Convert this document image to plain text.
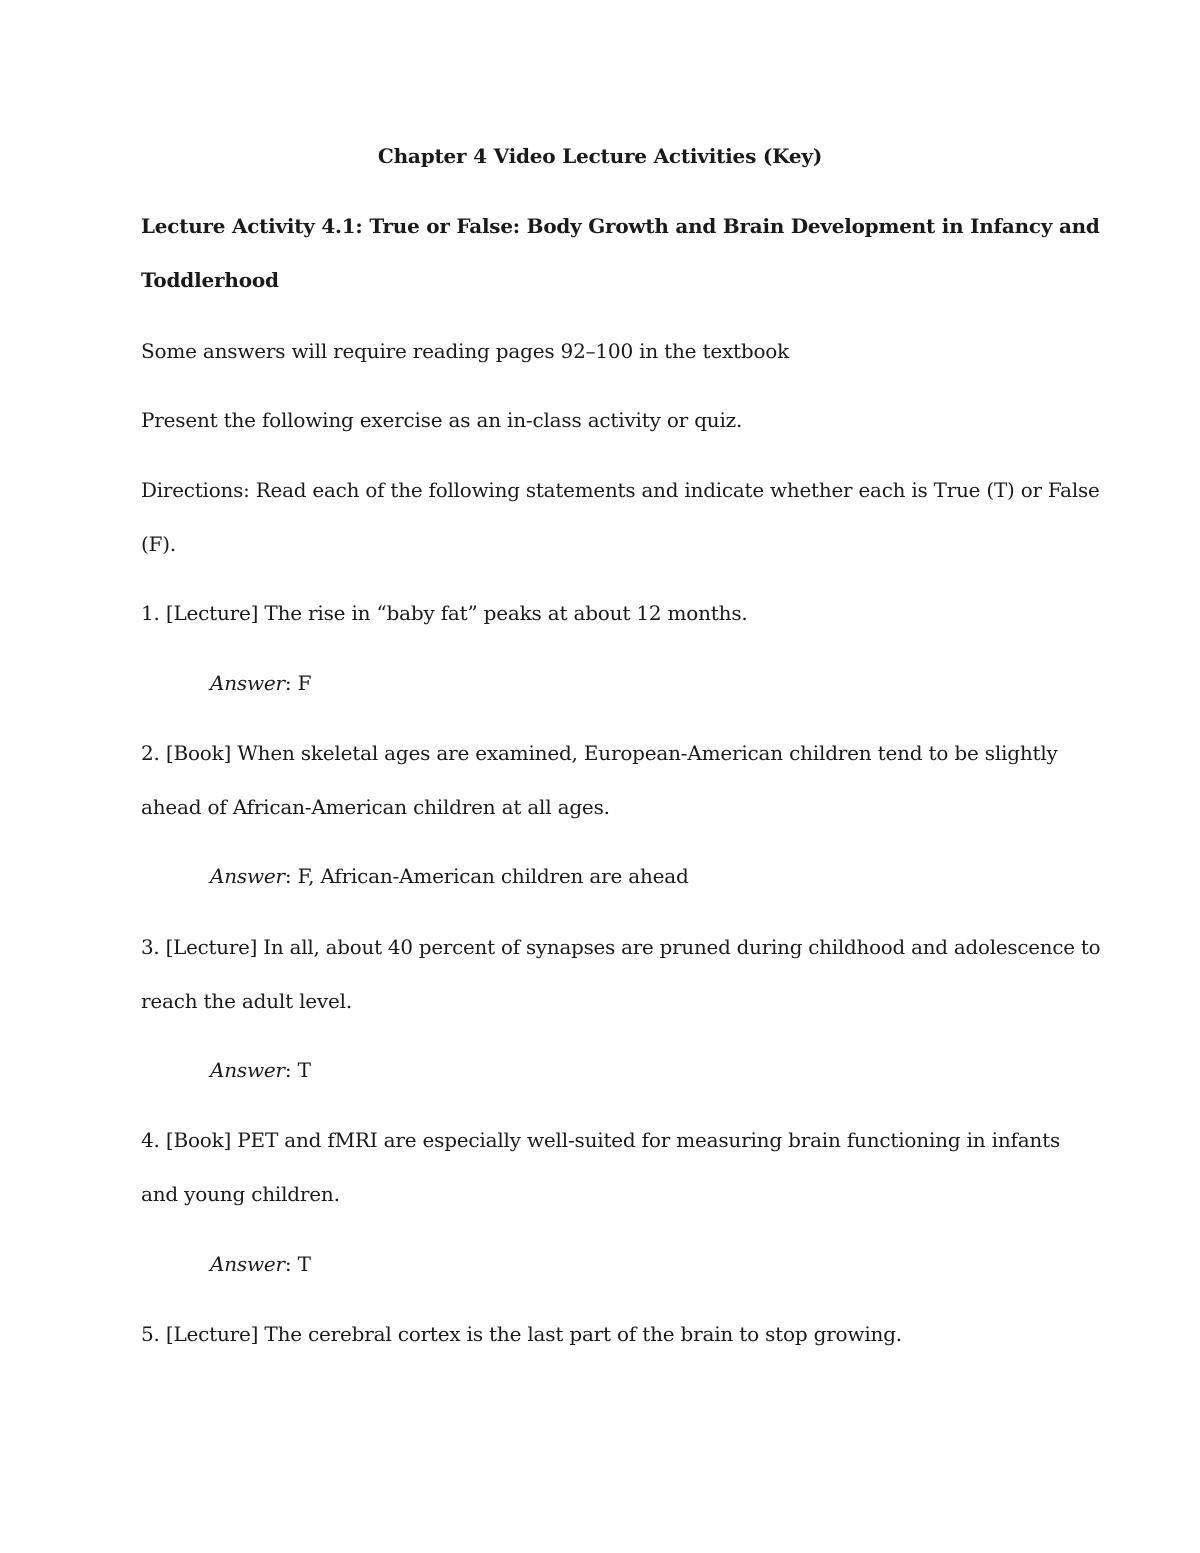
Chapter 4 Video Lecture Activities (Key)
Lecture Activity 4.1: True or False: Body Growth and Brain Development in Infancy and
Toddlerhood
Some answers will require reading pages 92–100 in the textbook
Present the following exercise as an in-class activity or quiz.
Directions: Read each of the following statements and indicate whether each is True (T) or False
(F).
1. [Lecture] The rise in “baby fat” peaks at about 12 months.
Answer: F
2. [Book] When skeletal ages are examined, European-American children tend to be slightly
ahead of African-American children at all ages.
Answer: F, African-American children are ahead
3. [Lecture] In all, about 40 percent of synapses are pruned during childhood and adolescence to
reach the adult level.
Answer: T
4. [Book] PET and fMRI are especially well-suited for measuring brain functioning in infants
and young children.
Answer: T
5. [Lecture] The cerebral cortex is the last part of the brain to stop growing.
